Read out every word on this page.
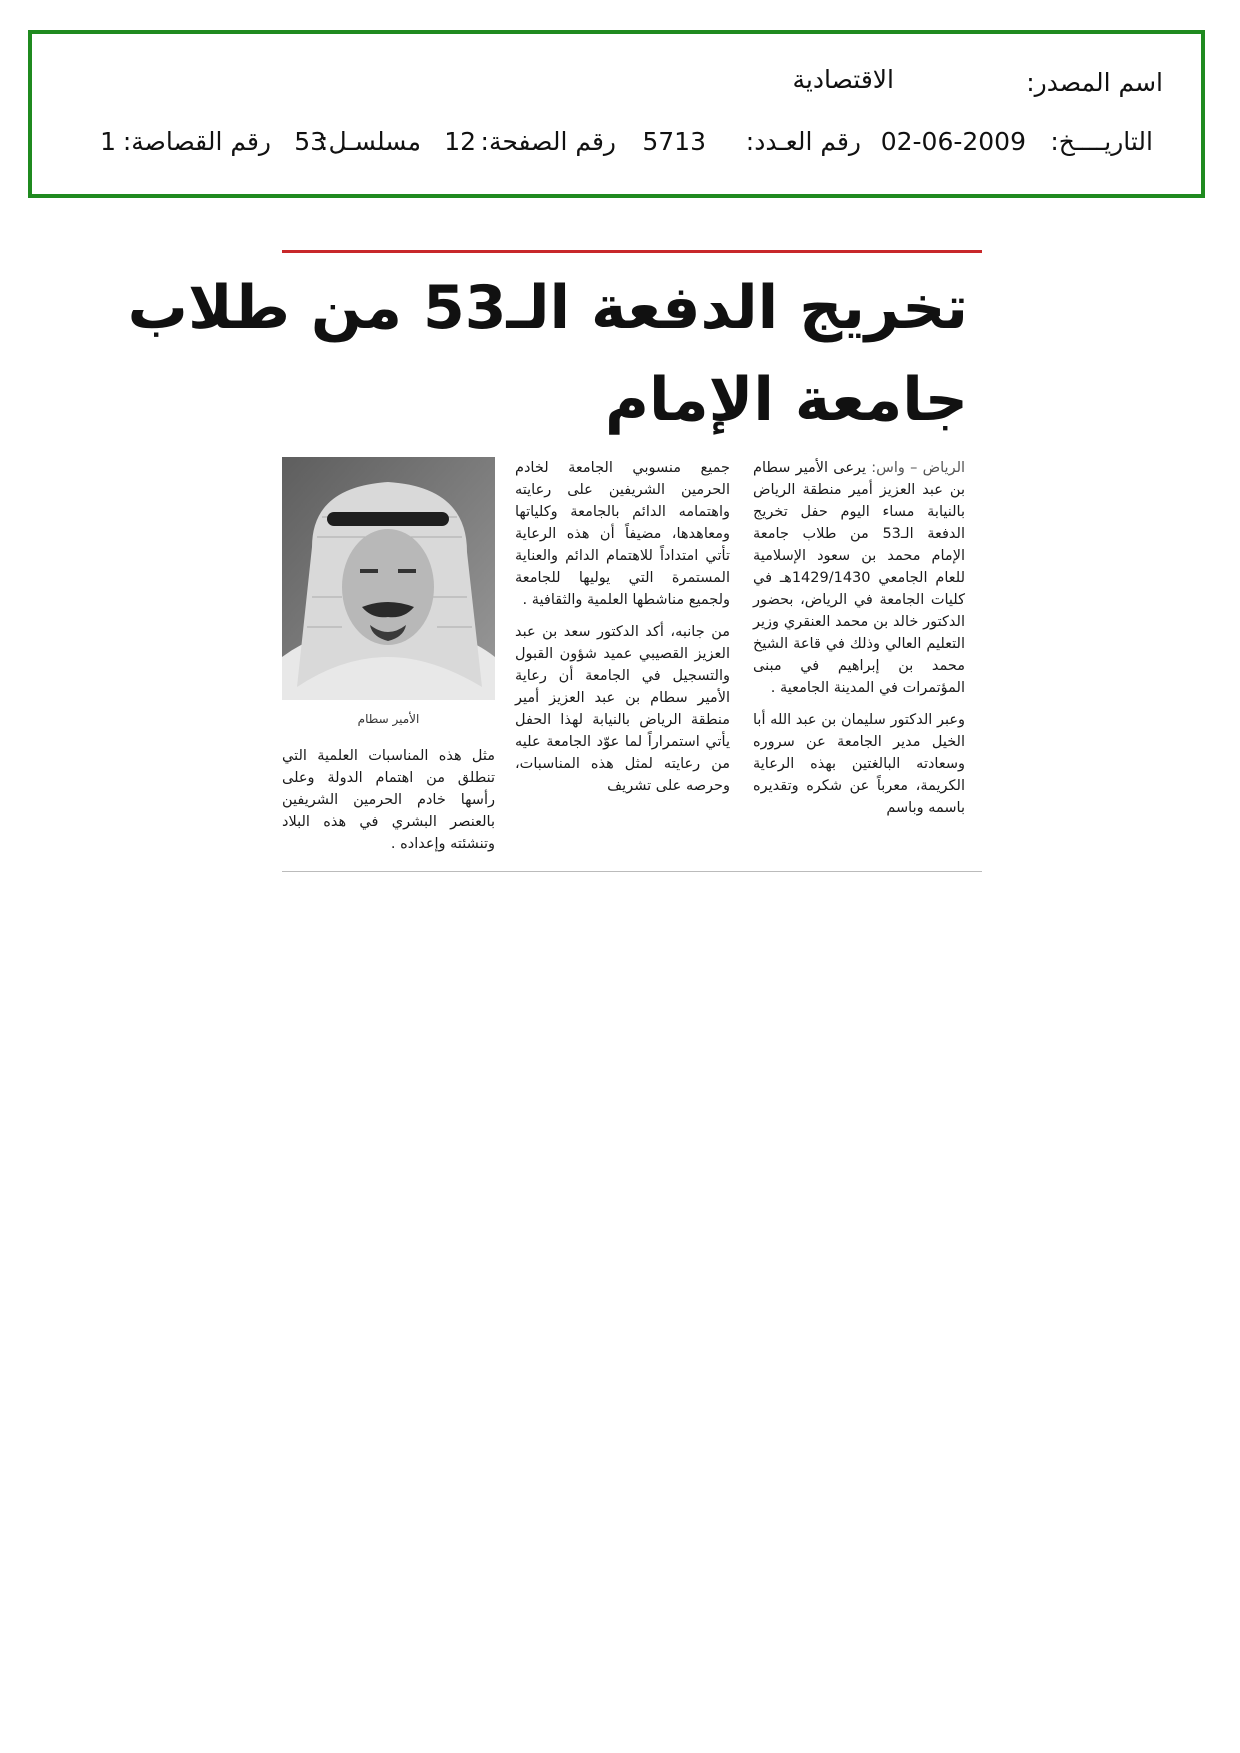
اسم المصدر:
الاقتصادية
التاريــــخ:
02-06-2009
رقم العـدد:
5713
رقم الصفحة:
12
مسلسـل:
53
رقم القصاصة:
1
تخريج الدفعة الـ53 من طلاب
جامعة الإمام

الرياض – واس: يرعى الأمير سطام بن عبد العزيز أمير منطقة الرياض بالنيابة مساء اليوم حفل تخريج الدفعة الـ53 من طلاب جامعة الإمام محمد بن سعود الإسلامية للعام الجامعي 1429/1430هـ في كليات الجامعة في الرياض، بحضور الدكتور خالد بن محمد العنقري وزير التعليم العالي وذلك في قاعة الشيخ محمد بن إبراهيم في مبنى المؤتمرات في المدينة الجامعية .

وعبر الدكتور سليمان بن عبد الله أبا الخيل مدير الجامعة عن سروره وسعادته البالغتين بهذه الرعاية الكريمة، معرباً عن شكره وتقديره باسمه وباسم

جميع منسوبي الجامعة لخادم الحرمين الشريفين على رعايته واهتمامه الدائم بالجامعة وكلياتها ومعاهدها، مضيفاً أن هذه الرعاية تأتي امتداداً للاهتمام الدائم والعناية المستمرة التي يوليها للجامعة ولجميع مناشطها العلمية والثقافية .

من جانبه، أكد الدكتور سعد بن عبد العزيز القصيبي عميد شؤون القبول والتسجيل في الجامعة أن رعاية الأمير سطام بن عبد العزيز أمير منطقة الرياض بالنيابة لهذا الحفل يأتي استمراراً لما عوّد الجامعة عليه من رعايته لمثل هذه المناسبات، وحرصه على تشريف

الأمير سطام

مثل هذه المناسبات العلمية التي تنطلق من اهتمام الدولة وعلى رأسها خادم الحرمين الشريفين بالعنصر البشري في هذه البلاد وتنشئته وإعداده .
